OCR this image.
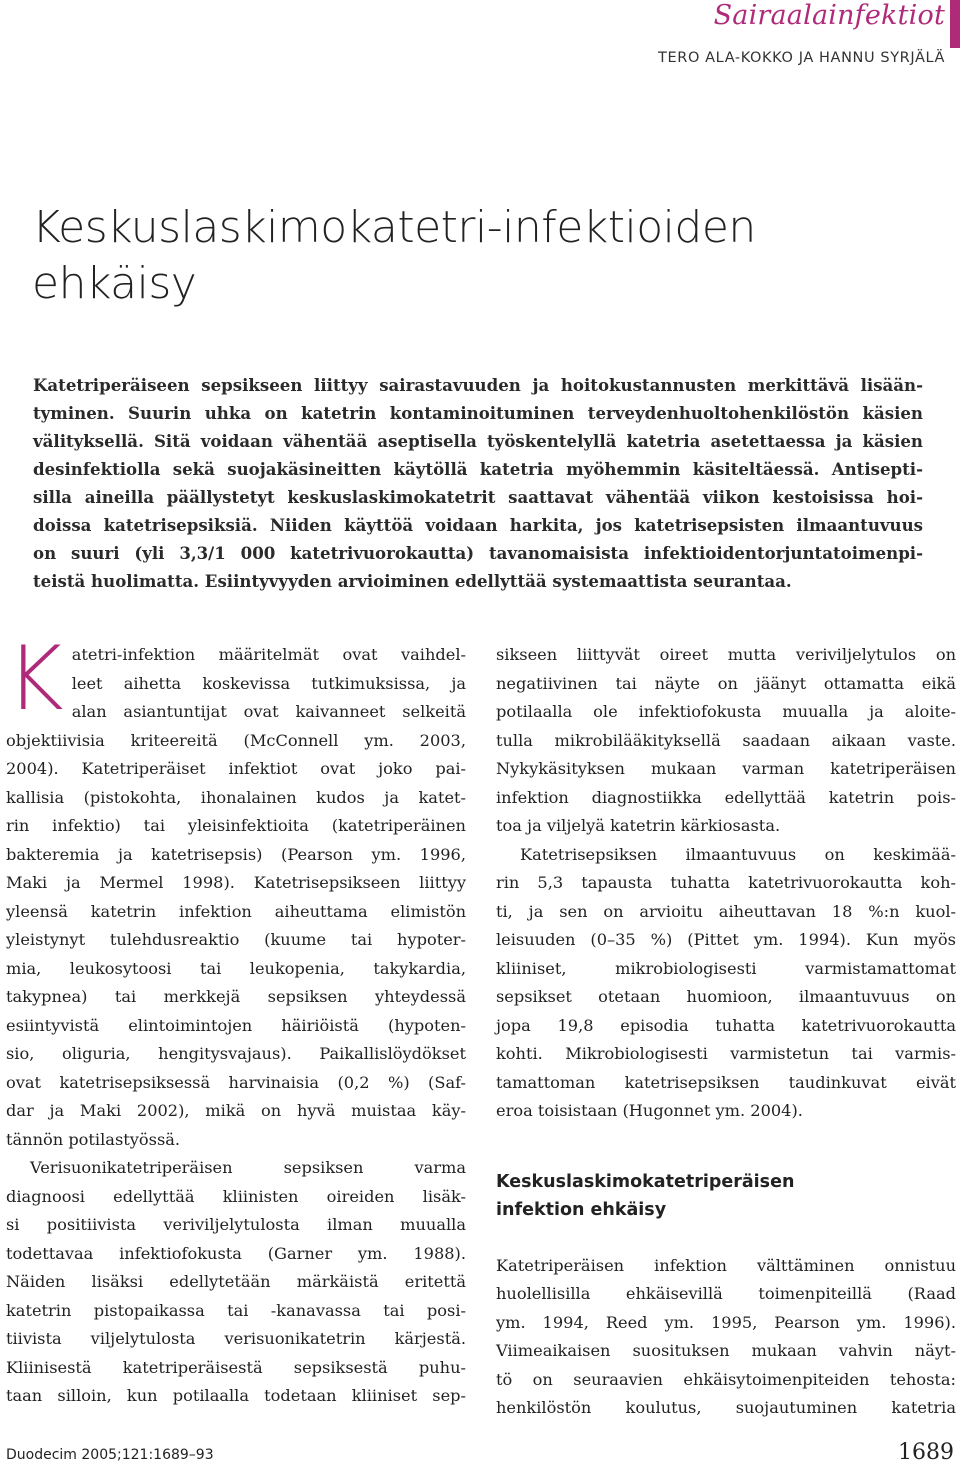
Sairaalainfektiot
TERO ALA-KOKKO JA HANNU SYRJÄLÄ
Keskuslaskimokatetri-infektioiden
ehkäisy
Katetriperäiseen sepsikseen liittyy sairastavuuden ja hoitokustannusten merkittävä lisään-
tyminen. Suurin uhka on katetrin kontaminoituminen terveydenhuoltohenkilöstön käsien
välityksellä. Sitä voidaan vähentää aseptisella työskentelyllä katetria asetettaessa ja käsien
desinfektiolla sekä suojakäsineitten käytöllä katetria myöhemmin käsiteltäessä. Antisepti-
silla aineilla päällystetyt keskuslaskimokatetrit saattavat vähentää viikon kestoisissa hoi-
doissa katetrisepsiksiä. Niiden käyttöä voidaan harkita, jos katetrisepsisten ilmaantuvuus
on suuri (yli 3,3/1 000 katetrivuorokautta) tavanomaisista infektioidentorjuntatoimenpi-
teistä huolimatta. Esiintyvyyden arvioiminen edellyttää systemaattista seurantaa.
K atetri-infektion määritelmät ovat vaihdel-
leet aihetta koskevissa tutkimuksissa, ja
alan asiantuntijat ovat kaivanneet selkeitä
objektiivisia kriteereitä (McConnell ym. 2003,
2004). Katetriperäiset infektiot ovat joko pai-
kallisia (pistokohta, ihonalainen kudos ja katet-
rin infektio) tai yleisinfektioita (katetriperäinen
bakteremia ja katetrisepsis) (Pearson ym. 1996,
Maki ja Mermel 1998). Katetrisepsikseen liittyy
yleensä katetrin infektion aiheuttama elimistön
yleistynyt tulehdusreaktio (kuume tai hypoter-
mia, leukosytoosi tai leukopenia, takykardia,
takypnea) tai merkkejä sepsiksen yhteydessä
esiintyvistä elintoimintojen häiriöistä (hypoten-
sio, oliguria, hengitysvajaus). Paikallislöydökset
ovat katetrisepsiksessä harvinaisia (0,2 %) (Saf-
dar ja Maki 2002), mikä on hyvä muistaa käy-
tännön potilastyössä.
Verisuonikatetriperäisen sepsiksen varma
diagnoosi edellyttää kliinisten oireiden lisäk-
si positiivista veriviljelytulosta ilman muualla
todettavaa infektiofokusta (Garner ym. 1988).
Näiden lisäksi edellytetään märkäistä eritettä
katetrin pistopaikassa tai -kanavassa tai posi-
tiivista viljelytulosta verisuonikatetrin kärjestä.
Kliinisestä katetriperäisestä sepsiksestä puhu-
taan silloin, kun potilaalla todetaan kliiniset sep-
sikseen liittyvät oireet mutta veriviljelytulos on
negatiivinen tai näyte on jäänyt ottamatta eikä
potilaalla ole infektiofokusta muualla ja aloite-
tulla mikrobilääkityksellä saadaan aikaan vaste.
Nykykäsityksen mukaan varman katetriperäisen
infektion diagnostiikka edellyttää katetrin pois-
toa ja viljelyä katetrin kärkiosasta.
Katetrisepsiksen ilmaantuvuus on keskimää-
rin 5,3 tapausta tuhatta katetrivuorokautta koh-
ti, ja sen on arvioitu aiheuttavan 18 %:n kuol-
leisuuden (0–35 %) (Pittet ym. 1994). Kun myös
kliiniset, mikrobiologisesti varmistamattomat
sepsikset otetaan huomioon, ilmaantuvuus on
jopa 19,8 episodia tuhatta katetrivuorokautta
kohti. Mikrobiologisesti varmistetun tai varmis-
tamattoman katetrisepsiksen taudinkuvat eivät
eroa toisistaan (Hugonnet ym. 2004).
Keskuslaskimokatetriperäisen
infektion ehkäisy
Katetriperäisen infektion välttäminen onnistuu
huolellisilla ehkäisevillä toimenpiteillä (Raad
ym. 1994, Reed ym. 1995, Pearson ym. 1996).
Viimeaikaisen suosituksen mukaan vahvin näyt-
tö on seuraavien ehkäisytoimenpiteiden tehosta:
henkilöstön koulutus, suojautuminen katetria
Duodecim 2005;121:1689–93	1689
